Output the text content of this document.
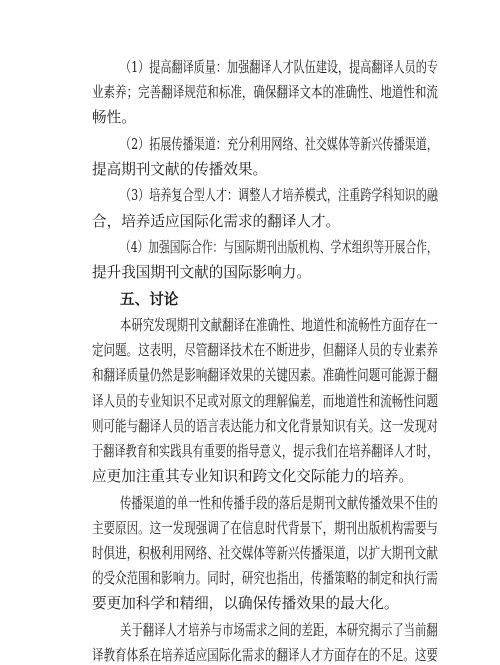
（1）提高翻译质量：加强翻译人才队伍建设，提高翻译人员的专
业素养；完善翻译规范和标准，确保翻译文本的准确性、地道性和流
畅性。
（2）拓展传播渠道：充分利用网络、社交媒体等新兴传播渠道，
提高期刊文献的传播效果。
（3）培养复合型人才：调整人才培养模式，注重跨学科知识的融
合，培养适应国际化需求的翻译人才。
（4）加强国际合作：与国际期刊出版机构、学术组织等开展合作，
提升我国期刊文献的国际影响力。
五、讨论
本研究发现期刊文献翻译在准确性、地道性和流畅性方面存在一
定问题。这表明，尽管翻译技术在不断进步，但翻译人员的专业素养
和翻译质量仍然是影响翻译效果的关键因素。准确性问题可能源于翻
译人员的专业知识不足或对原文的理解偏差，而地道性和流畅性问题
则可能与翻译人员的语言表达能力和文化背景知识有关。这一发现对
于翻译教育和实践具有重要的指导意义，提示我们在培养翻译人才时，
应更加注重其专业知识和跨文化交际能力的培养。
传播渠道的单一性和传播手段的落后是期刊文献传播效果不佳的
主要原因。这一发现强调了在信息时代背景下，期刊出版机构需要与
时俱进，积极利用网络、社交媒体等新兴传播渠道，以扩大期刊文献
的受众范围和影响力。同时，研究也指出，传播策略的制定和执行需
要更加科学和精细，以确保传播效果的最大化。
关于翻译人才培养与市场需求之间的差距，本研究揭示了当前翻
译教育体系在培养适应国际化需求的翻译人才方面存在的不足。这要
